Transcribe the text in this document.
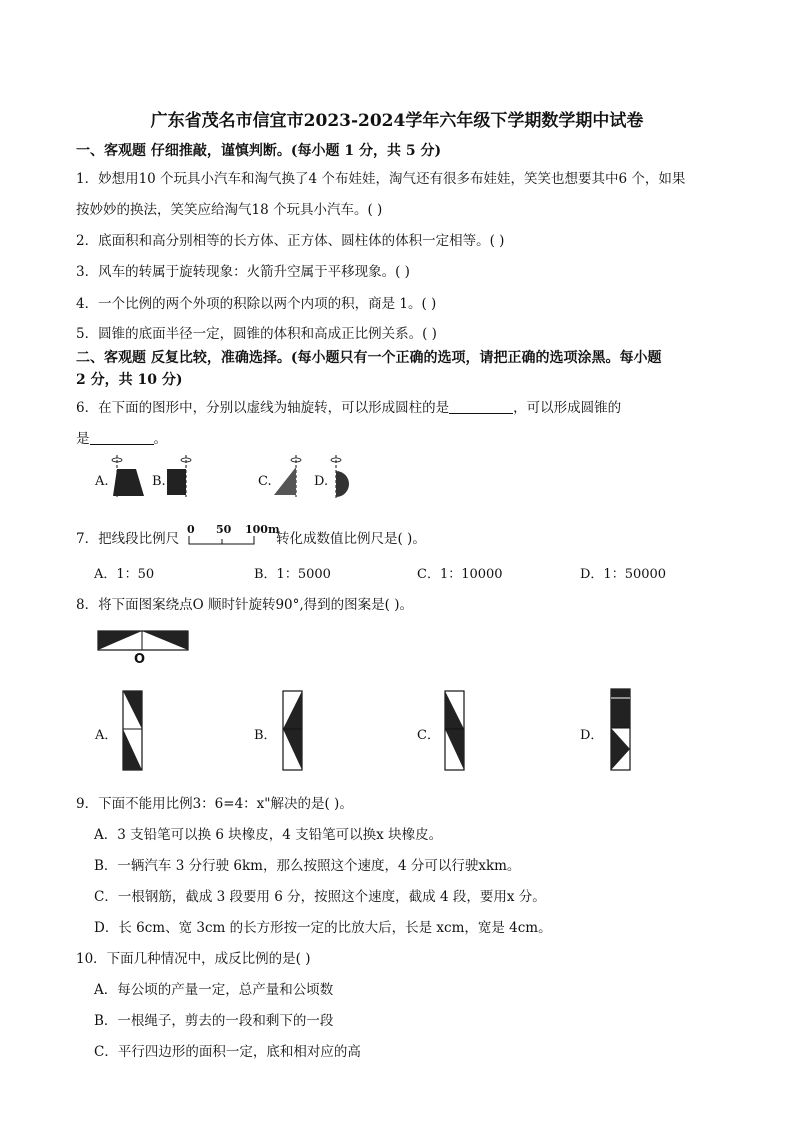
广东省茂名市信宜市2023-2024学年六年级下学期数学期中试卷
一、客观题 仔细推敲，谨慎判断。(每小题 1 分，共 5 分)
1．妙想用10 个玩具小汽车和淘气换了4 个布娃娃，淘气还有很多布娃娃，笑笑也想要其中6 个，如果
按妙妙的换法，笑笑应给淘气18 个玩具小汽车。( )
2．底面积和高分别相等的长方体、正方体、圆柱体的体积一定相等。( )
3．风车的转属于旋转现象：火箭升空属于平移现象。( )
4．一个比例的两个外项的积除以两个内项的积，商是 1。( )
5．圆锥的底面半径一定，圆锥的体积和高成正比例关系。( )
二、客观题 反复比较，准确选择。(每小题只有一个正确的选项，请把正确的选项涂黑。每小题
2 分，共 10 分)
6．在下面的图形中，分别以虚线为轴旋转，可以形成圆柱的是	，可以形成圆锥的
是	。
A.	B.	C.	D.
7．把线段比例尺
0 50 100m
转化成数值比例尺是( )。
A．1：50	B．1：5000	C．1：10000	D．1：50000
8．将下面图案绕点O 顺时针旋转90°,得到的图案是( )。
O
A．	B．	C．	D．
9．下面不能用比例3：6=4：x"解决的是( )。
A．3 支铅笔可以换 6 块橡皮，4 支铅笔可以换x 块橡皮。
B．一辆汽车 3 分行驶 6km，那么按照这个速度，4 分可以行驶xkm。
C．一根钢筋，截成 3 段要用 6 分，按照这个速度，截成 4 段，要用x 分。
D．长 6cm、宽 3cm 的长方形按一定的比放大后，长是 xcm，宽是 4cm。
10．下面几种情况中，成反比例的是( )
A．每公顷的产量一定，总产量和公顷数
B．一根绳子，剪去的一段和剩下的一段
C．平行四边形的面积一定，底和相对应的高
